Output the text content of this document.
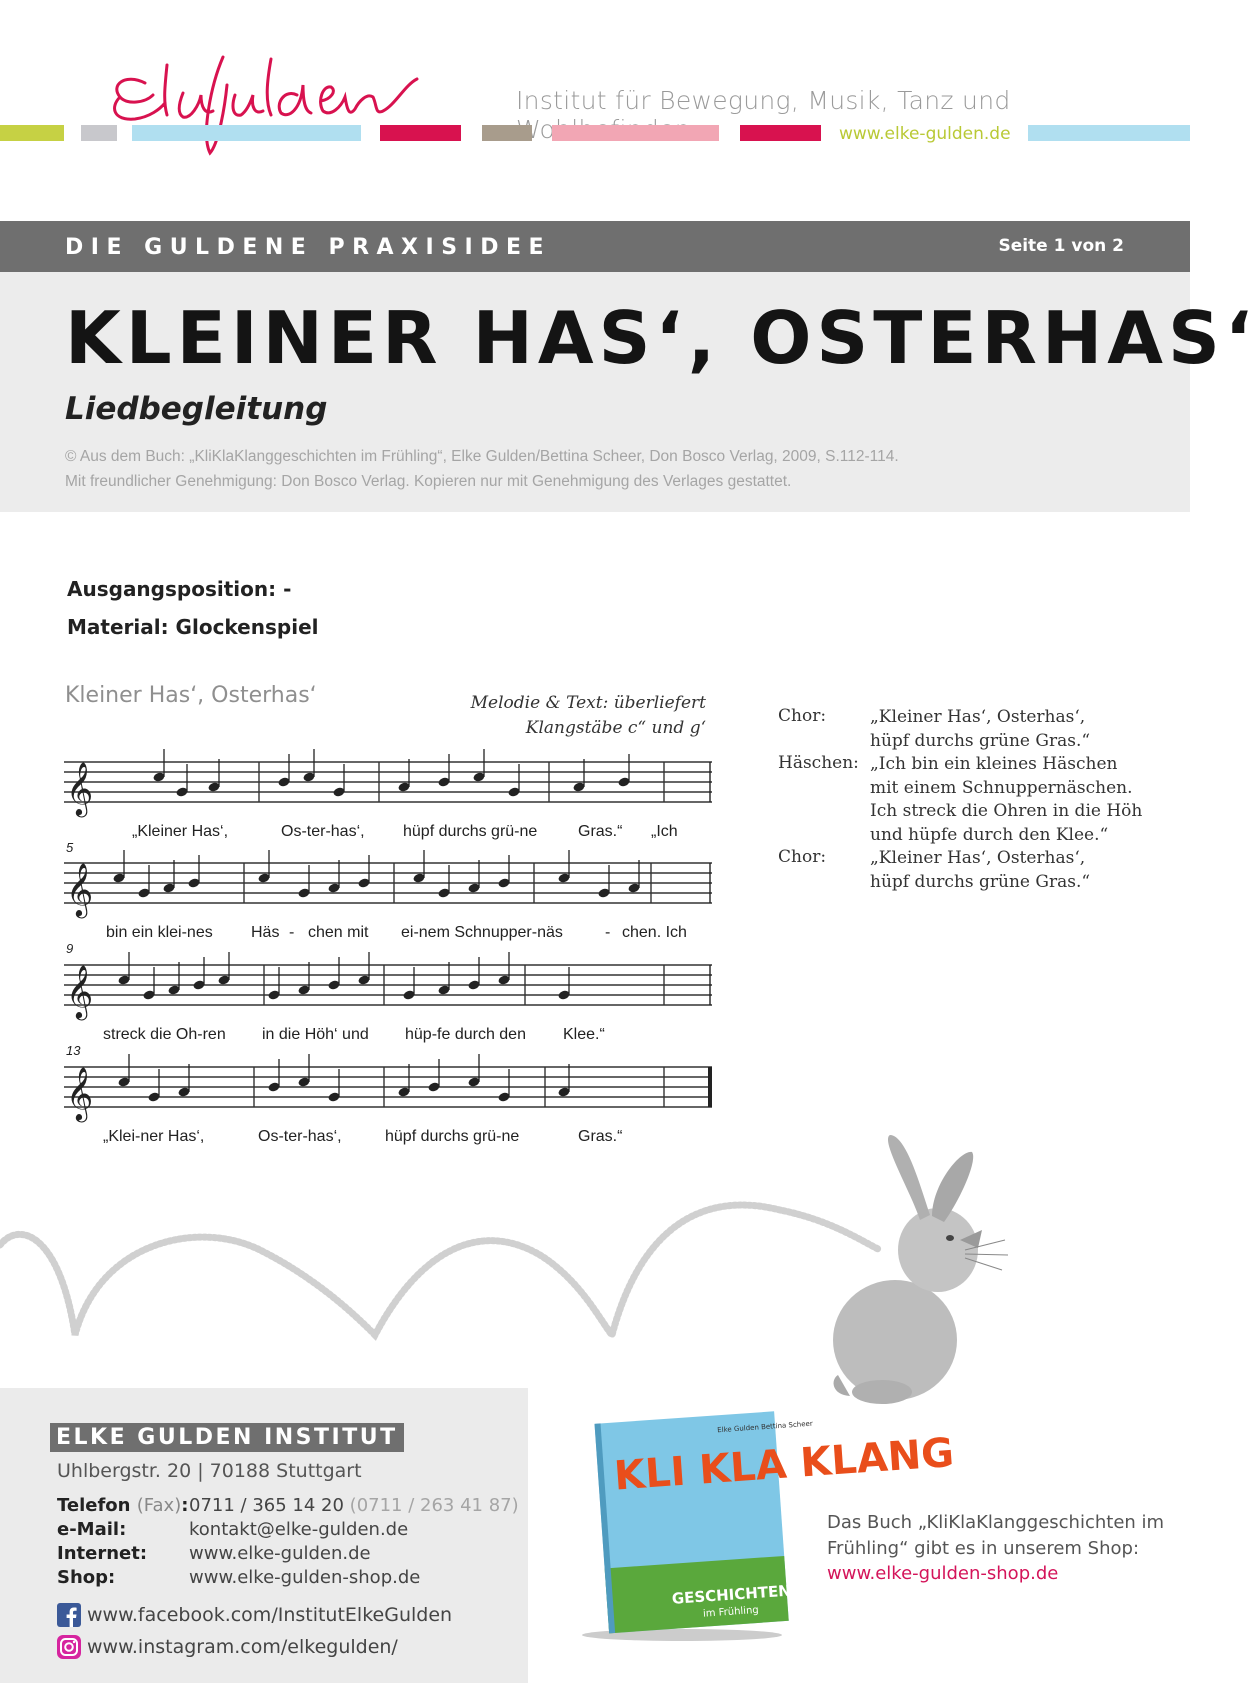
Institut für Bewegung, Musik, Tanz und
www.elke-gulden.de
DIE GULDENE PRAXISIDEE	Seite 1 von 2
KLEINER HAS‘, OSTERHAS‘
Liedbegleitung
© Aus dem Buch: „KliKlaKlanggeschichten im Frühling“, Elke Gulden/Bettina Scheer, Don Bosco Verlag, 2009, S.112-114.
Mit freundlicher Genehmigung: Don Bosco Verlag. Kopieren nur mit Genehmigung des Verlages gestattet.
Ausgangsposition: -
Material: Glockenspiel
Kleiner Has‘, Osterhas‘	Melodie & Text: überliefert
Klangstäbe c“ und g‘
𝄞
𝄞
𝄞
𝄞
5
9
13
„Kleiner Has‘,	Os-ter-has‘, hüpf durchs grü-ne	Gras.“ „Ich
bin ein klei-nes Häs - chen mit ei-nem Schnupper-näs	- chen. Ich
streck die Oh-ren in die Höh‘ und hüp-fe durch den Klee.“
„Klei-ner Has‘,	Os-ter-has‘,	hüpf durchs grü-ne	Gras.“
Chor:	„Kleiner Has‘, Osterhas‘,
hüpf durchs grüne Gras.“
Häschen: „Ich bin ein kleines Häschen
mit einem Schnuppernäschen.
Ich streck die Ohren in die Höh
und hüpfe durch den Klee.“
Chor:	„Kleiner Has‘, Osterhas‘,
hüpf durchs grüne Gras.“
ELKE GULDEN INSTITUT
Uhlbergstr. 20 | 70188 Stuttgart
Telefon (Fax): 0711 / 365 14 20 (0711 / 263 41 87)
e-Mail:	kontakt@elke-gulden.de
Internet: www.elke-gulden.de
Shop:	www.elke-gulden-shop.de
www.facebook.com/InstitutElkeGulden
www.instagram.com/elkegulden/
Elke Gulden Bettina Scheer
KLI KLA KLANG
GESCHICHTEN
im Frühling
Das Buch „KliKlaKlanggeschichten im
Frühling“ gibt es in unserem Shop:
www.elke-gulden-shop.de
